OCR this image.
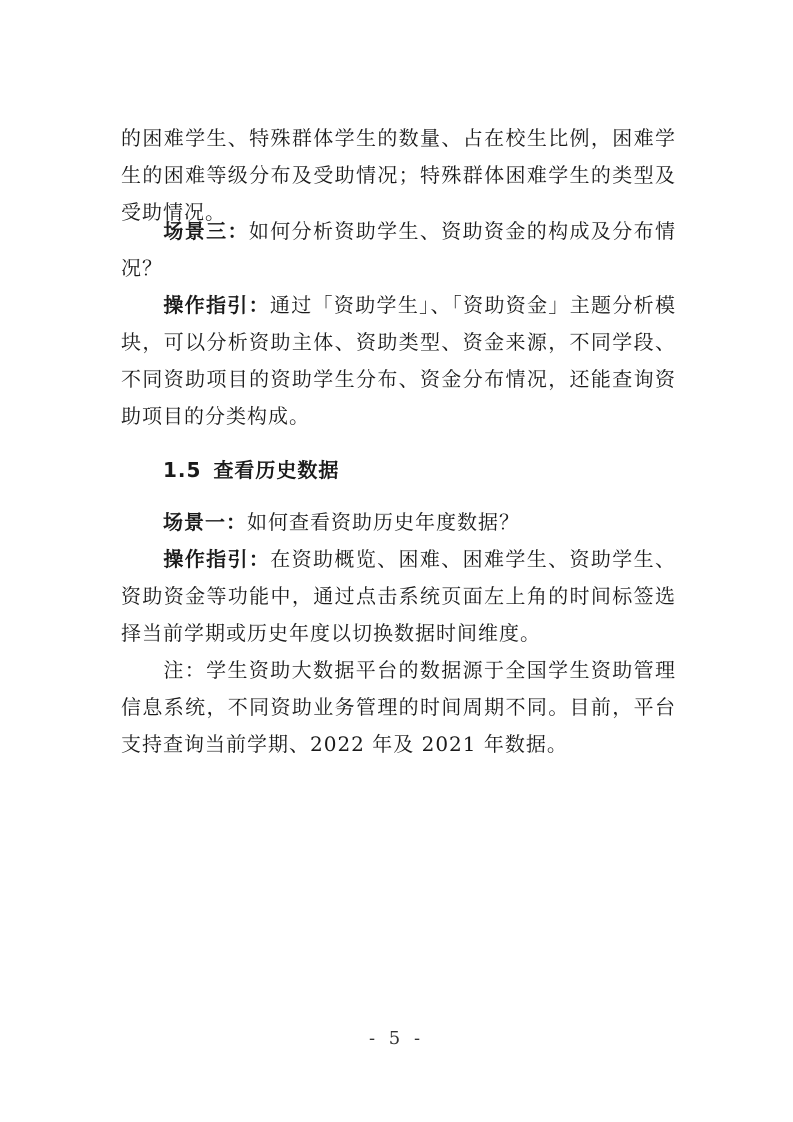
的困难学生、特殊群体学生的数量、占在校生比例，困难学生的困难等级分布及受助情况；特殊群体困难学生的类型及受助情况。
场景三：如何分析资助学生、资助资金的构成及分布情况？
操作指引：通过「资助学生」、「资助资金」主题分析模块，可以分析资助主体、资助类型、资金来源，不同学段、不同资助项目的资助学生分布、资金分布情况，还能查询资助项目的分类构成。
1.5 查看历史数据
场景一：如何查看资助历史年度数据？
操作指引：在资助概览、困难、困难学生、资助学生、资助资金等功能中，通过点击系统页面左上角的时间标签选择当前学期或历史年度以切换数据时间维度。
注：学生资助大数据平台的数据源于全国学生资助管理信息系统，不同资助业务管理的时间周期不同。目前，平台支持查询当前学期、2022 年及 2021 年数据。
- 5 -
